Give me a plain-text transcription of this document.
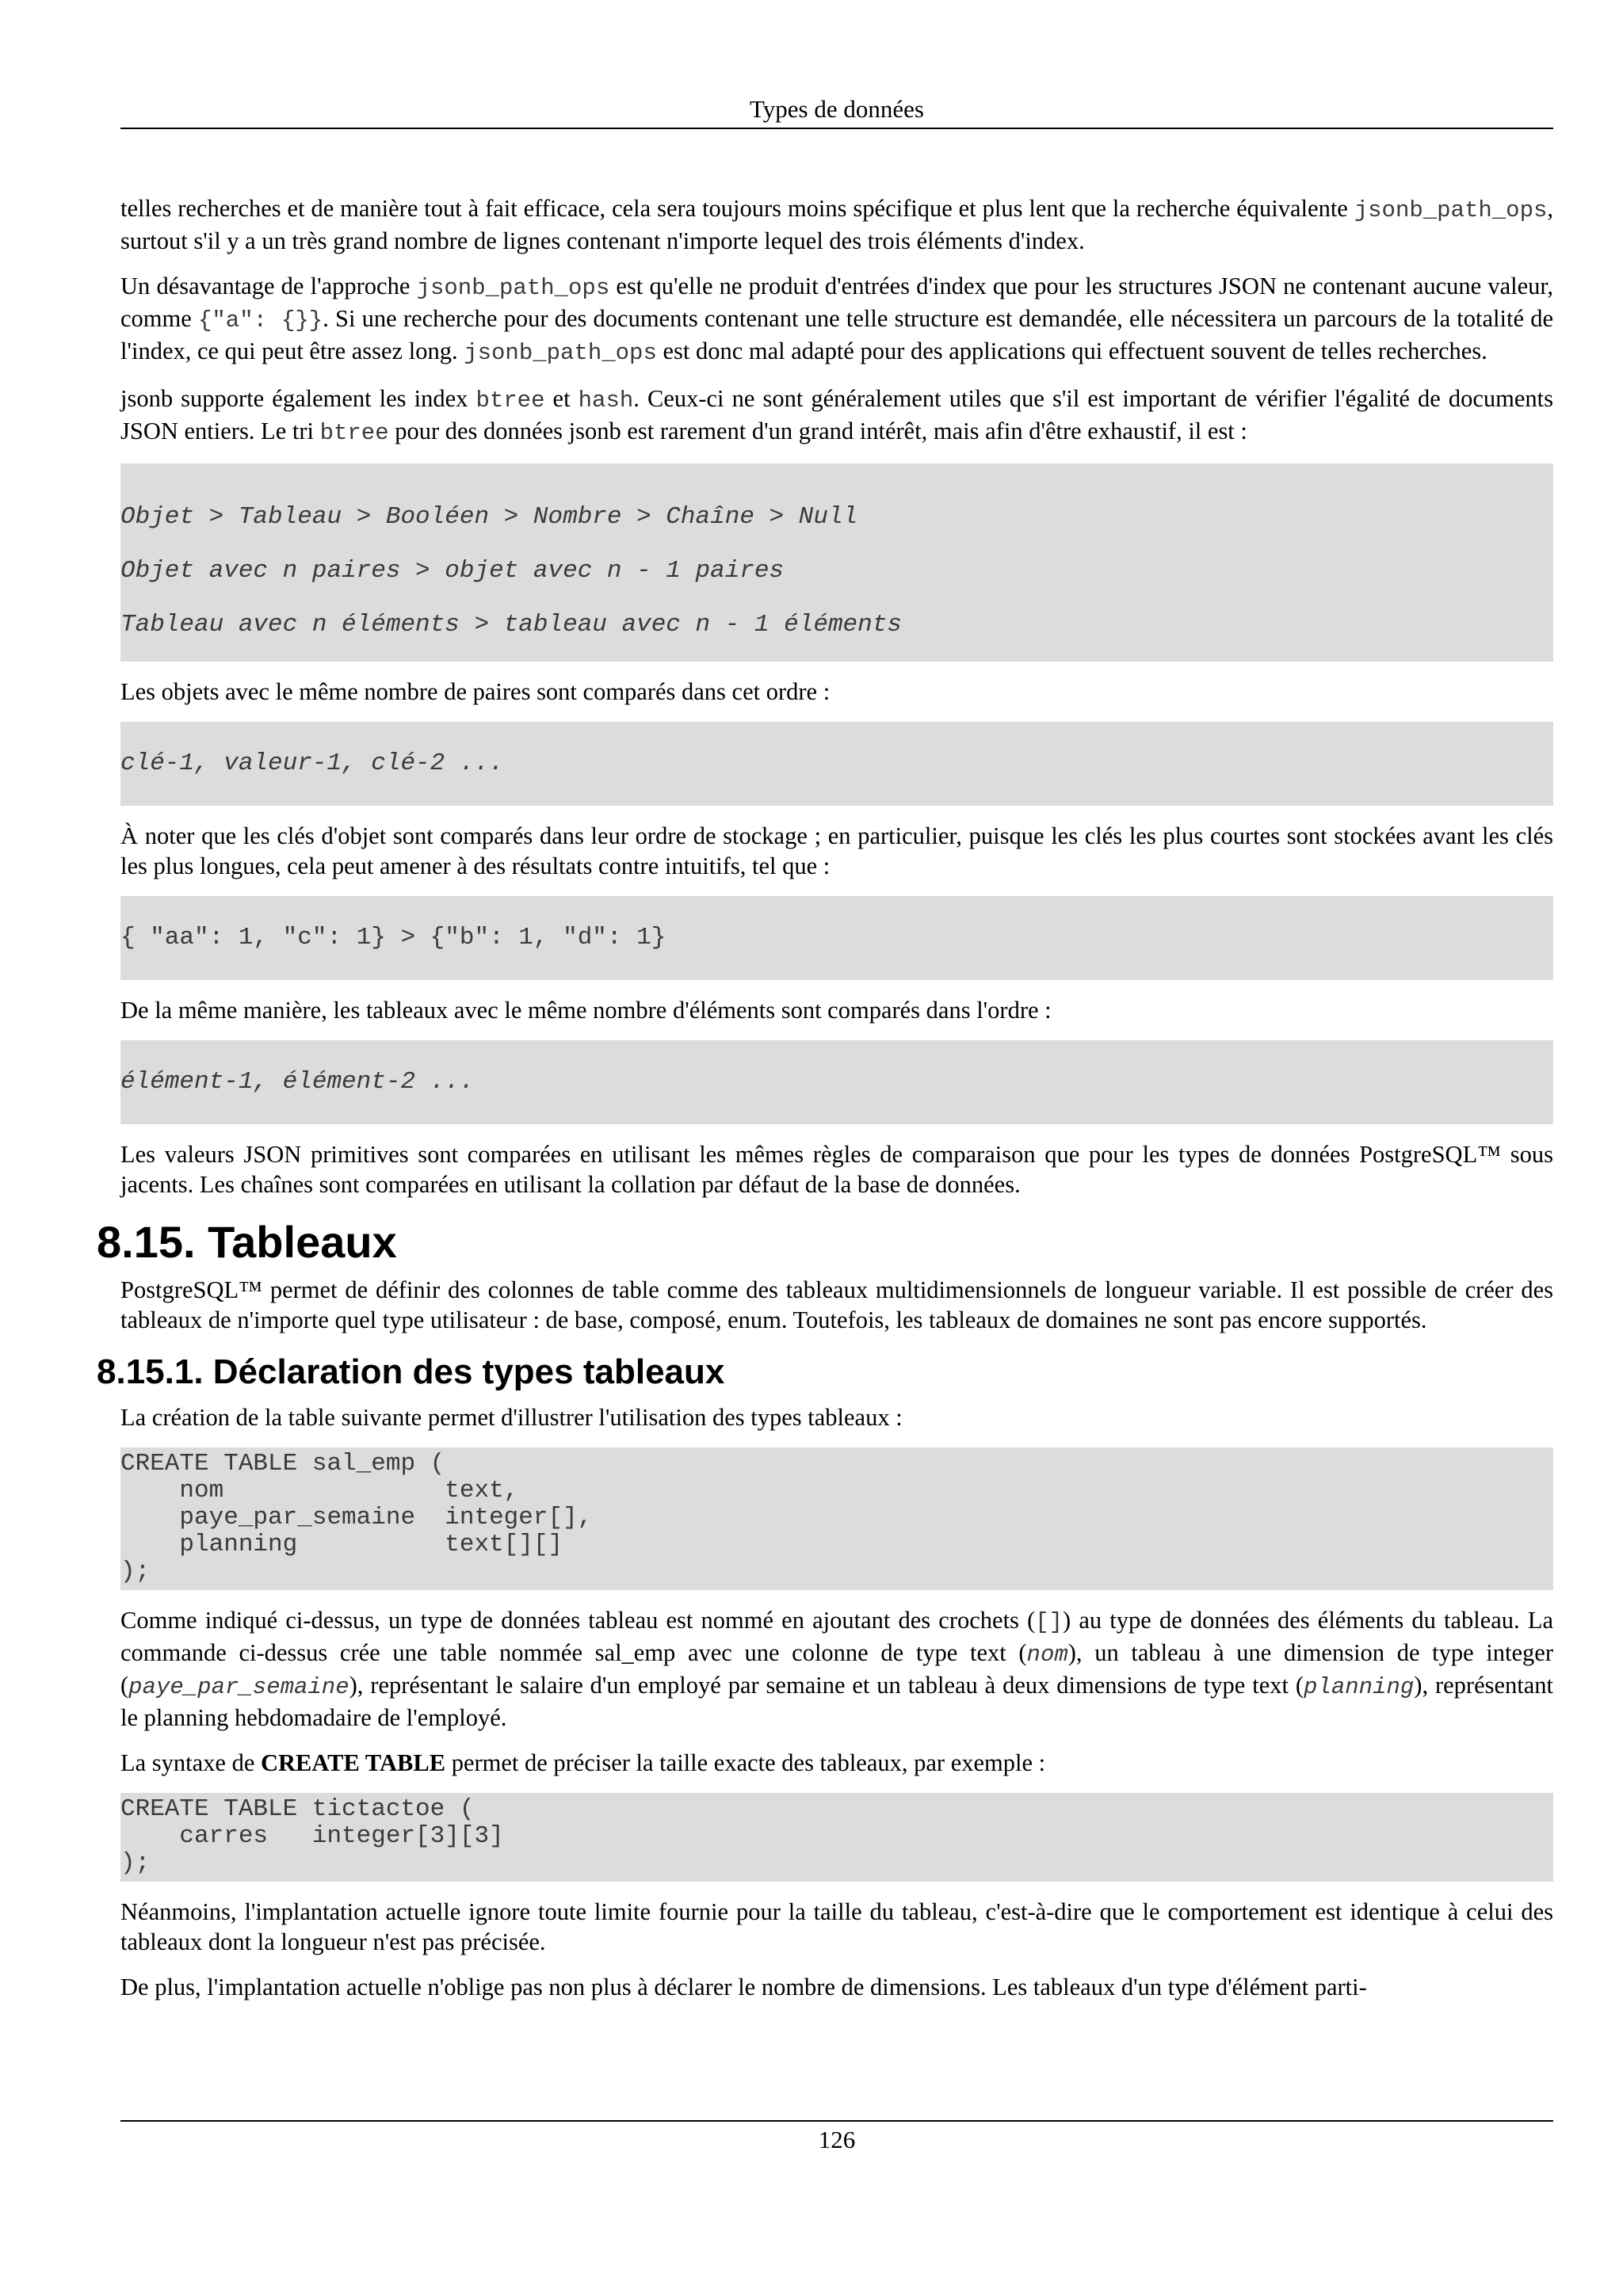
Types de données

telles recherches et de manière tout à fait efficace, cela sera toujours moins spécifique et plus lent que la recherche équivalente jsonb_path_ops, surtout s'il y a un très grand nombre de lignes contenant n'importe lequel des trois éléments d'index.

Un désavantage de l'approche jsonb_path_ops est qu'elle ne produit d'entrées d'index que pour les structures JSON ne contenant aucune valeur, comme {"a": {}}. Si une recherche pour des documents contenant une telle structure est demandée, elle nécessitera un parcours de la totalité de l'index, ce qui peut être assez long. jsonb_path_ops est donc mal adapté pour des applications qui effectuent souvent de telles recherches.

jsonb supporte également les index btree et hash. Ceux-ci ne sont généralement utiles que s'il est important de vérifier l'égalité de documents JSON entiers. Le tri btree pour des données jsonb est rarement d'un grand intérêt, mais afin d'être exhaustif, il est :

Objet > Tableau > Booléen > Nombre > Chaîne > Null
Objet avec n paires > objet avec n - 1 paires
Tableau avec n éléments > tableau avec n - 1 éléments

Les objets avec le même nombre de paires sont comparés dans cet ordre :

clé-1, valeur-1, clé-2 ...

À noter que les clés d'objet sont comparés dans leur ordre de stockage ; en particulier, puisque les clés les plus courtes sont stockées avant les clés les plus longues, cela peut amener à des résultats contre intuitifs, tel que :

{ "aa": 1, "c": 1} > {"b": 1, "d": 1}

De la même manière, les tableaux avec le même nombre d'éléments sont comparés dans l'ordre :

élément-1, élément-2 ...

Les valeurs JSON primitives sont comparées en utilisant les mêmes règles de comparaison que pour les types de données PostgreSQL™ sous jacents. Les chaînes sont comparées en utilisant la collation par défaut de la base de données.

8.15. Tableaux

PostgreSQL™ permet de définir des colonnes de table comme des tableaux multidimensionnels de longueur variable. Il est possible de créer des tableaux de n'importe quel type utilisateur : de base, composé, enum. Toutefois, les tableaux de domaines ne sont pas encore supportés.

8.15.1. Déclaration des types tableaux

La création de la table suivante permet d'illustrer l'utilisation des types tableaux :

CREATE TABLE sal_emp (
nom               text,
paye_par_semaine  integer[],
planning          text[][]
);

Comme indiqué ci-dessus, un type de données tableau est nommé en ajoutant des crochets ([]) au type de données des éléments du tableau. La commande ci-dessus crée une table nommée sal_emp avec une colonne de type text (nom), un tableau à une dimension de type integer (paye_par_semaine), représentant le salaire d'un employé par semaine et un tableau à deux dimensions de type text (planning), représentant le planning hebdomadaire de l'employé.

La syntaxe de CREATE TABLE permet de préciser la taille exacte des tableaux, par exemple :

CREATE TABLE tictactoe (
carres   integer[3][3]
);

Néanmoins, l'implantation actuelle ignore toute limite fournie pour la taille du tableau, c'est-à-dire que le comportement est identique à celui des tableaux dont la longueur n'est pas précisée.

De plus, l'implantation actuelle n'oblige pas non plus à déclarer le nombre de dimensions. Les tableaux d'un type d'élément parti-

126
